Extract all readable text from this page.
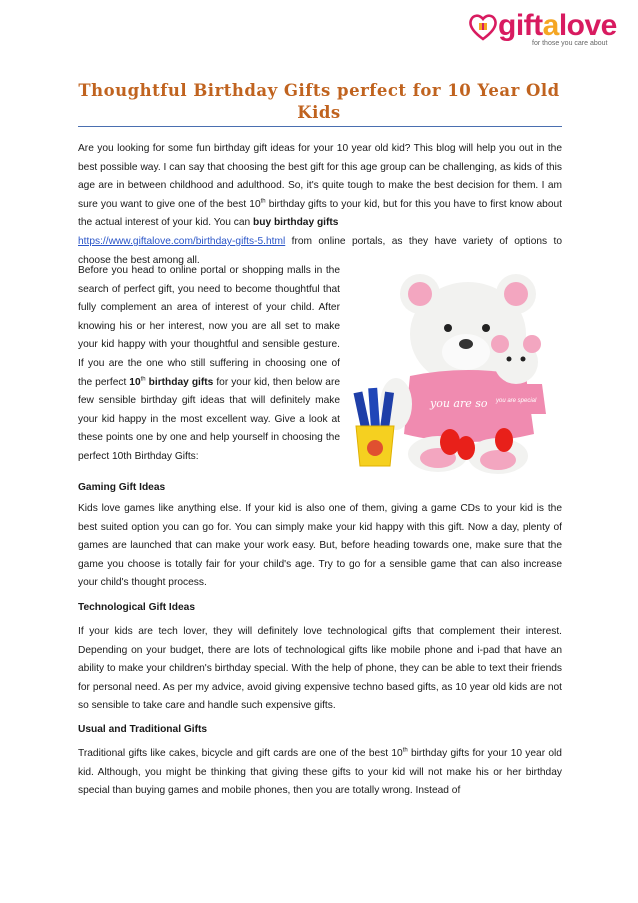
giftalove
for those you care about
Thoughtful Birthday Gifts perfect for 10 Year Old Kids
Are you looking for some fun birthday gift ideas for your 10 year old kid? This blog will help you out in the best possible way. I can say that choosing the best gift for this age group can be challenging, as kids of this age are in between childhood and adulthood. So, it's quite tough to make the best decision for them. I am sure you want to give one of the best 10th birthday gifts to your kid, but for this you have to first know about the actual interest of your kid. You can buy birthday gifts
https://www.giftalove.com/birthday-gifts-5.html from online portals, as they have variety of options to choose the best among all.
Before you head to online portal or shopping malls in the search of perfect gift, you need to become thoughtful that fully complement an area of interest of your child. After knowing his or her interest, now you are all set to make your kid happy with your thoughtful and sensible gesture. If you are the one who still suffering in choosing one of the perfect 10th birthday gifts for your kid, then below are few sensible birthday gift ideas that will definitely make your kid happy in the most excellent way. Give a look at these points one by one and help yourself in choosing the perfect 10th Birthday Gifts:
you are so you are special
Gaming Gift Ideas
Kids love games like anything else. If your kid is also one of them, giving a game CDs to your kid is the best suited option you can go for. You can simply make your kid happy with this gift. Now a day, plenty of games are launched that can make your work easy. But, before heading towards one, make sure that the game you choose is totally fair for your child's age. Try to go for a sensible game that can also increase your child's thought process.
Technological Gift Ideas
If your kids are tech lover, they will definitely love technological gifts that complement their interest. Depending on your budget, there are lots of technological gifts like mobile phone and i-pad that have an ability to make your children's birthday special. With the help of phone, they can be able to text their friends for personal need. As per my advice, avoid giving expensive techno based gifts, as 10 year old kids are not so sensible to take care and handle such expensive gifts.
Usual and Traditional Gifts
Traditional gifts like cakes, bicycle and gift cards are one of the best 10th birthday gifts for your 10 year old kid. Although, you might be thinking that giving these gifts to your kid will not make his or her birthday special than buying games and mobile phones, then you are totally wrong. Instead of
